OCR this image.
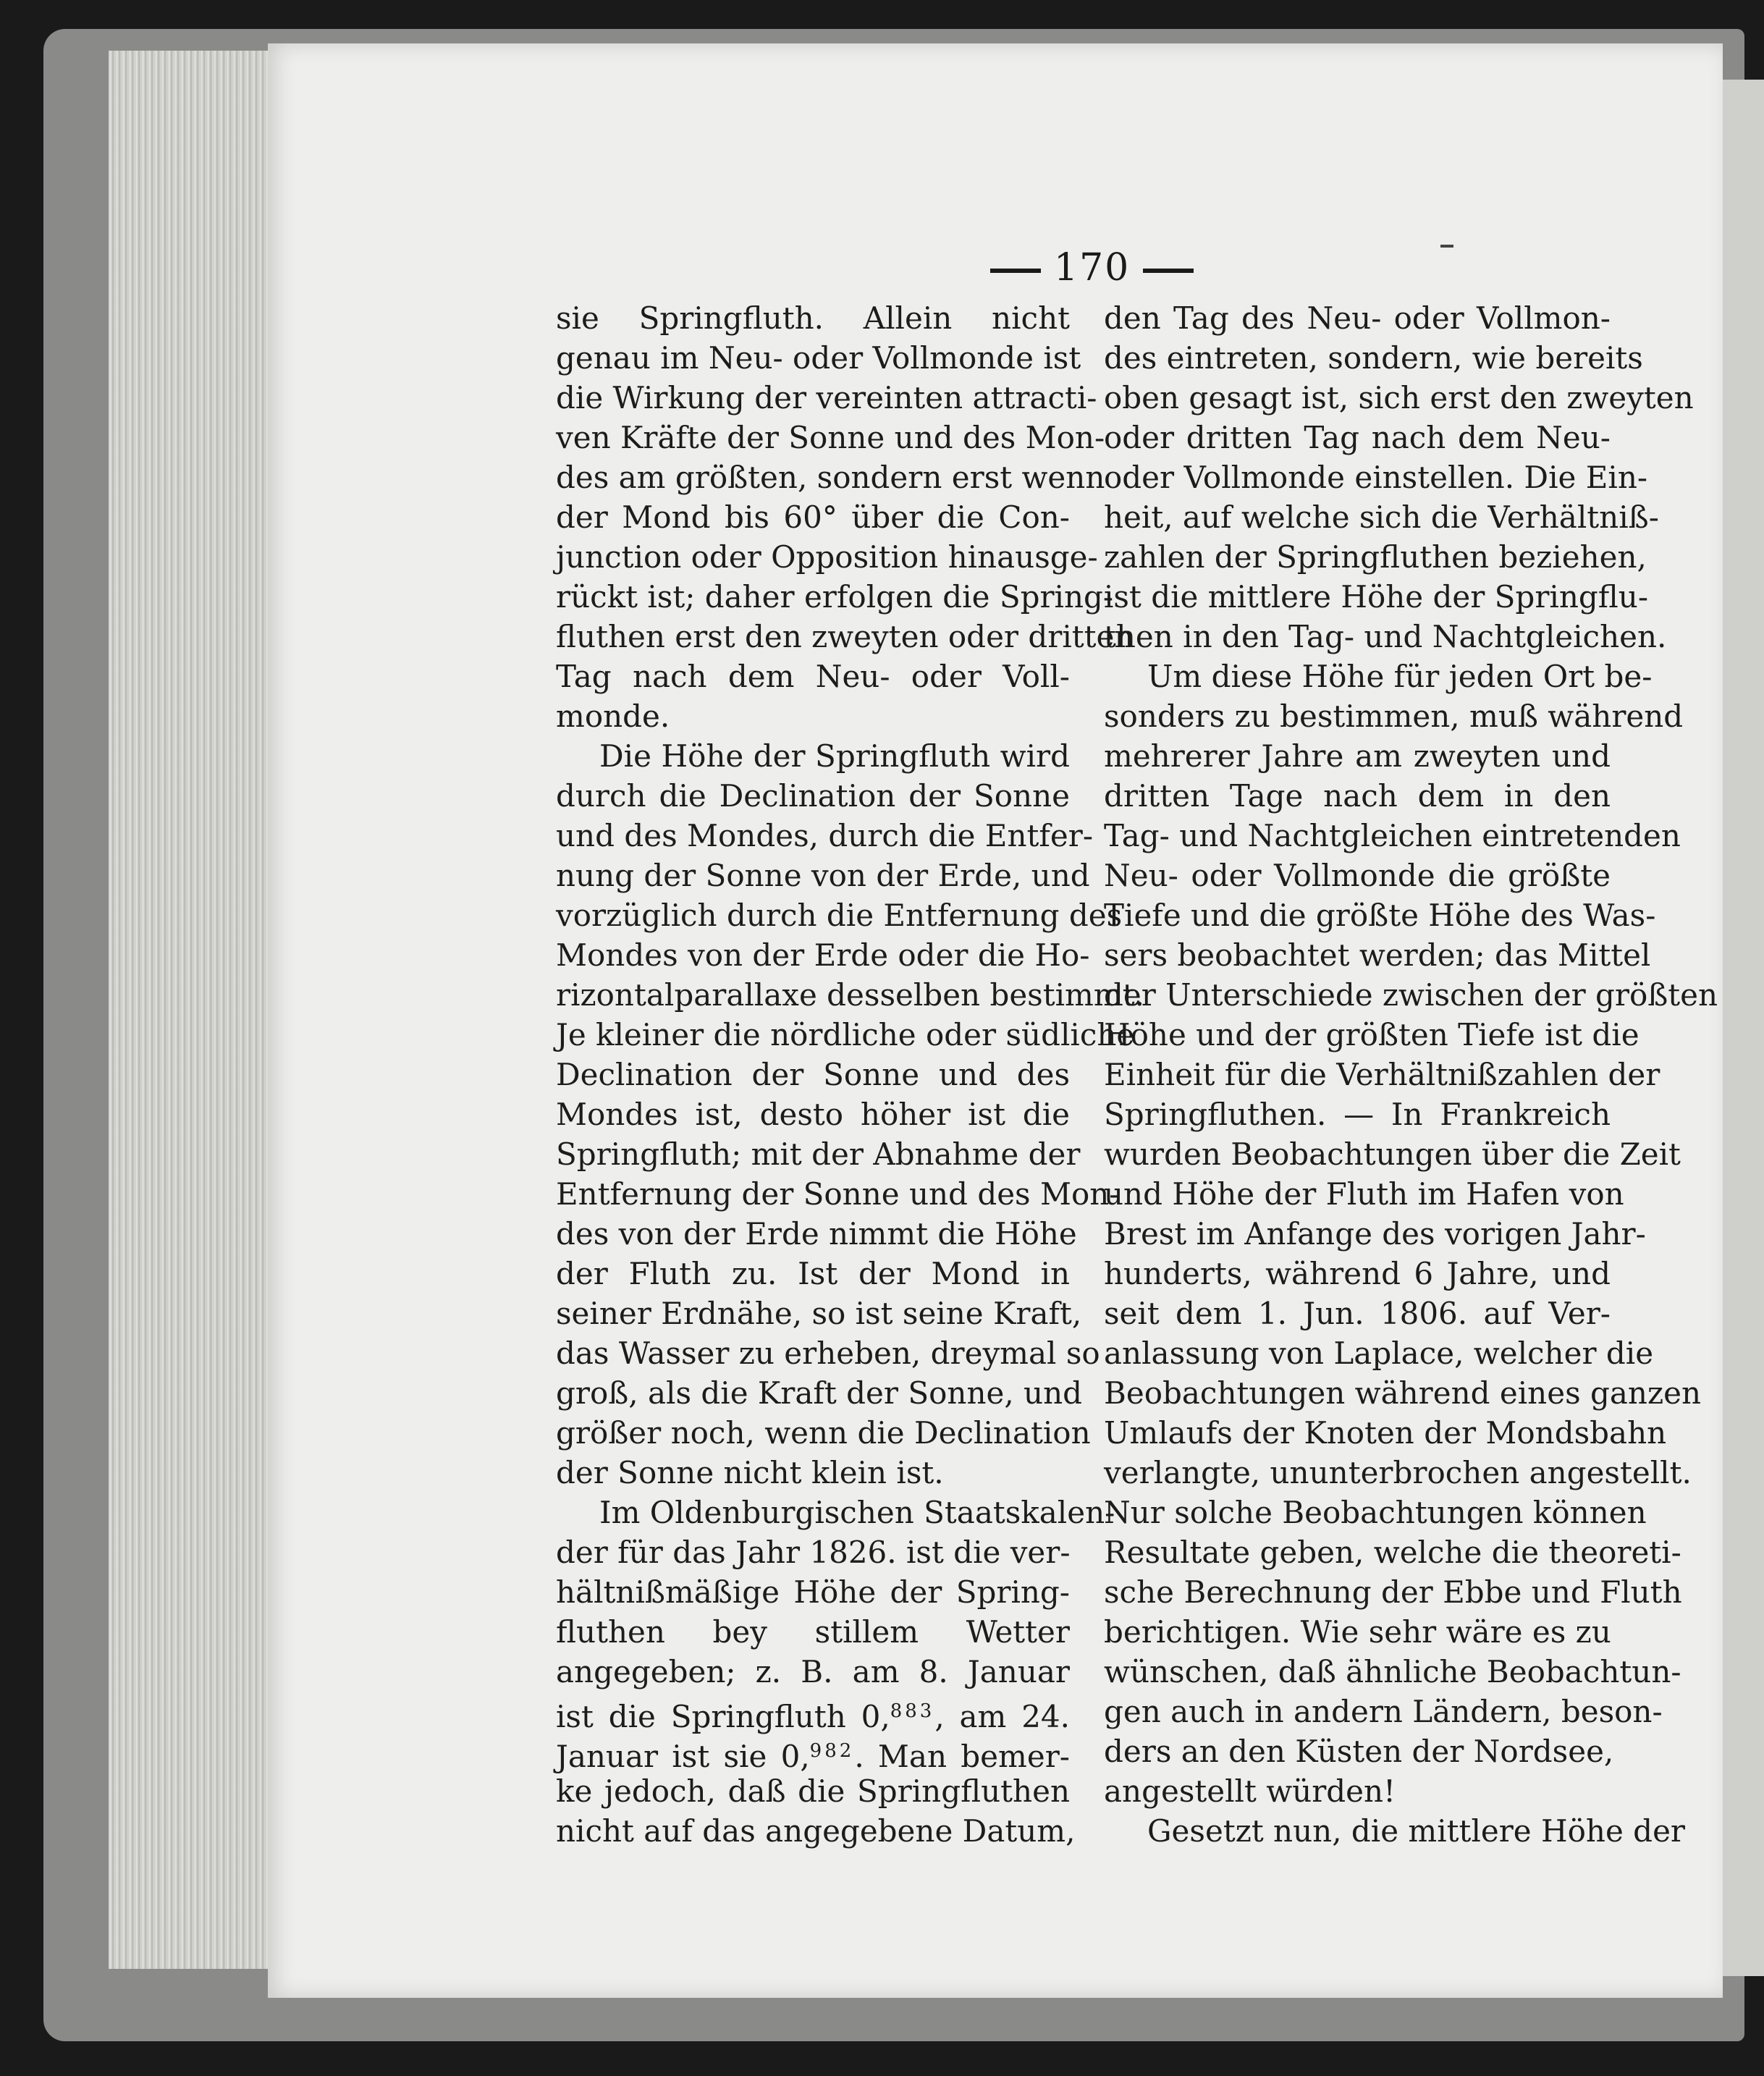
170
sie Springfluth. Allein nicht
genau im Neu- oder Vollmonde ist
die Wirkung der vereinten attracti-
ven Kräfte der Sonne und des Mon-
des am größten, sondern erst wenn
der Mond bis 60° über die Con-
junction oder Opposition hinausge-
rückt ist; daher erfolgen die Spring-
fluthen erst den zweyten oder dritten
Tag nach dem Neu- oder Voll-
monde.
Die Höhe der Springfluth wird
durch die Declination der Sonne
und des Mondes, durch die Entfer-
nung der Sonne von der Erde, und
vorzüglich durch die Entfernung des
Mondes von der Erde oder die Ho-
rizontalparallaxe desselben bestimmt.
Je kleiner die nördliche oder südliche
Declination der Sonne und des
Mondes ist, desto höher ist die
Springfluth; mit der Abnahme der
Entfernung der Sonne und des Mon-
des von der Erde nimmt die Höhe
der Fluth zu. Ist der Mond in
seiner Erdnähe, so ist seine Kraft,
das Wasser zu erheben, dreymal so
groß, als die Kraft der Sonne, und
größer noch, wenn die Declination
der Sonne nicht klein ist.
Im Oldenburgischen Staatskalen-
der für das Jahr 1826. ist die ver-
hältnißmäßige Höhe der Spring-
fluthen bey stillem Wetter
angegeben; z. B. am 8. Januar
ist die Springfluth 0,$^{883}$, am 24.
Januar ist sie 0,$^{982}$. Man bemer-
ke jedoch, daß die Springfluthen
nicht auf das angegebene Datum,
den Tag des Neu- oder Vollmon-
des eintreten, sondern, wie bereits
oben gesagt ist, sich erst den zweyten
oder dritten Tag nach dem Neu-
oder Vollmonde einstellen. Die Ein-
heit, auf welche sich die Verhältniß-
zahlen der Springfluthen beziehen,
ist die mittlere Höhe der Springflu-
then in den Tag- und Nachtgleichen.
Um diese Höhe für jeden Ort be-
sonders zu bestimmen, muß während
mehrerer Jahre am zweyten und
dritten Tage nach dem in den
Tag- und Nachtgleichen eintretenden
Neu- oder Vollmonde die größte
Tiefe und die größte Höhe des Was-
sers beobachtet werden; das Mittel
der Unterschiede zwischen der größten
Höhe und der größten Tiefe ist die
Einheit für die Verhältnißzahlen der
Springfluthen. — In Frankreich
wurden Beobachtungen über die Zeit
und Höhe der Fluth im Hafen von
Brest im Anfange des vorigen Jahr-
hunderts, während 6 Jahre, und
seit dem 1. Jun. 1806. auf Ver-
anlassung von Laplace, welcher die
Beobachtungen während eines ganzen
Umlaufs der Knoten der Mondsbahn
verlangte, ununterbrochen angestellt.
Nur solche Beobachtungen können
Resultate geben, welche die theoreti-
sche Berechnung der Ebbe und Fluth
berichtigen. Wie sehr wäre es zu
wünschen, daß ähnliche Beobachtun-
gen auch in andern Ländern, beson-
ders an den Küsten der Nordsee,
angestellt würden!
Gesetzt nun, die mittlere Höhe der
